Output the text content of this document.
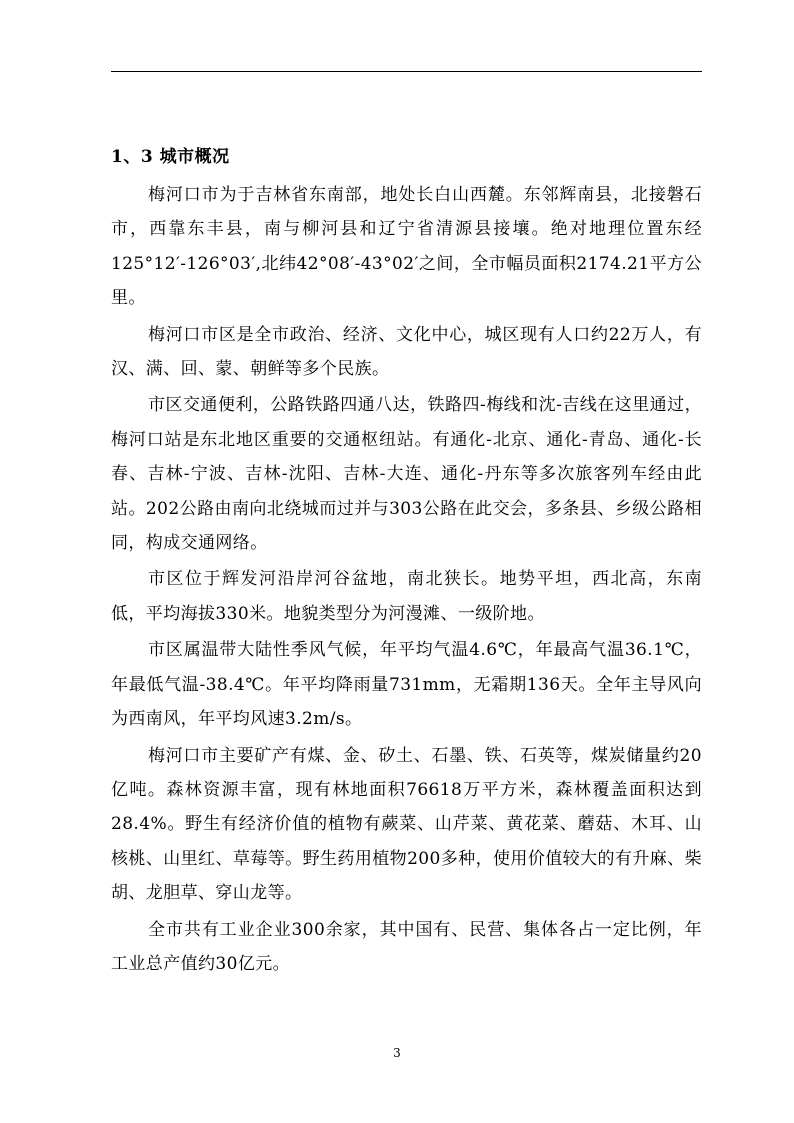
1、3 城市概况

梅河口市为于吉林省东南部，地处长白山西麓。东邻辉南县，北接磐石市，西靠东丰县，南与柳河县和辽宁省清源县接壤。绝对地理位置东经125°12′-126°03′,北纬42°08′-43°02′之间，全市幅员面积2174.21平方公里。

梅河口市区是全市政治、经济、文化中心，城区现有人口约22万人，有汉、满、回、蒙、朝鲜等多个民族。

市区交通便利，公路铁路四通八达，铁路四-梅线和沈-吉线在这里通过，梅河口站是东北地区重要的交通枢纽站。有通化-北京、通化-青岛、通化-长春、吉林-宁波、吉林-沈阳、吉林-大连、通化-丹东等多次旅客列车经由此站。202公路由南向北绕城而过并与303公路在此交会，多条县、乡级公路相同，构成交通网络。

市区位于辉发河沿岸河谷盆地，南北狭长。地势平坦，西北高，东南低，平均海拔330米。地貌类型分为河漫滩、一级阶地。

市区属温带大陆性季风气候，年平均气温4.6℃，年最高气温36.1℃，年最低气温-38.4℃。年平均降雨量731mm，无霜期136天。全年主导风向为西南风，年平均风速3.2m/s。

梅河口市主要矿产有煤、金、矽土、石墨、铁、石英等，煤炭储量约20亿吨。森林资源丰富，现有林地面积76618万平方米，森林覆盖面积达到28.4%。野生有经济价值的植物有蕨菜、山芹菜、黄花菜、蘑菇、木耳、山核桃、山里红、草莓等。野生药用植物200多种，使用价值较大的有升麻、柴胡、龙胆草、穿山龙等。

全市共有工业企业300余家，其中国有、民营、集体各占一定比例，年工业总产值约30亿元。

3
